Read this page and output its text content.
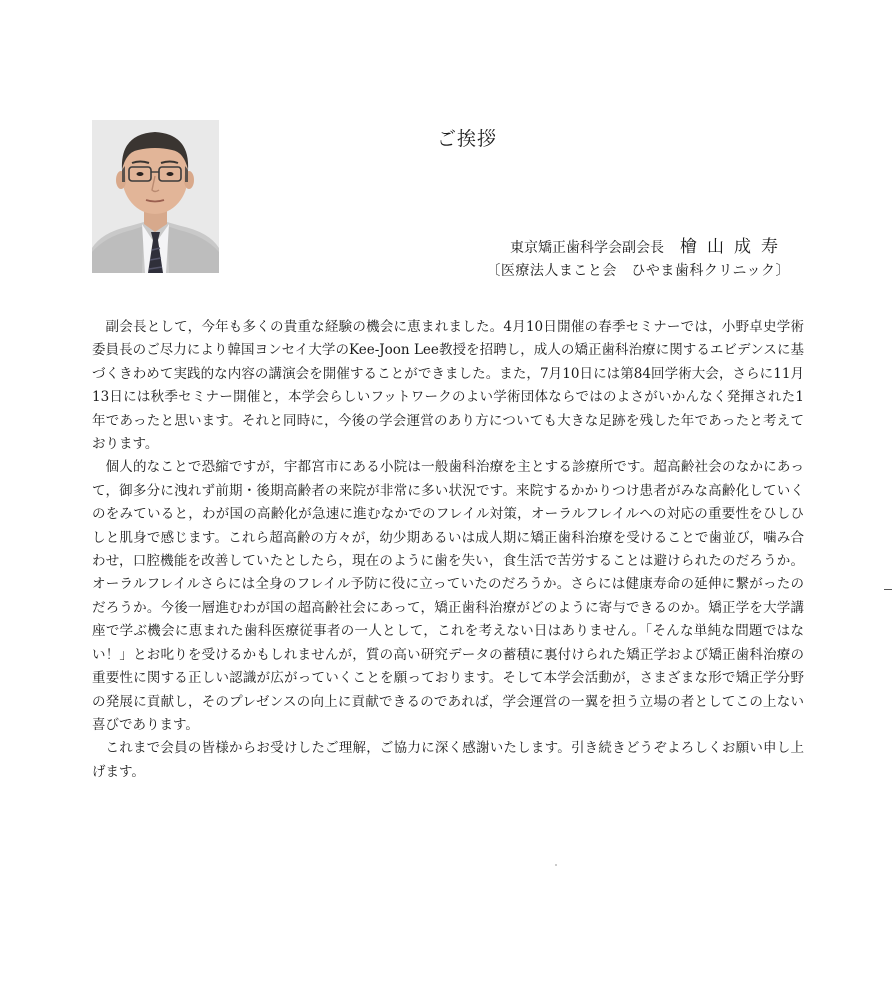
ご挨拶
東京矯正歯科学会副会長 檜山成寿
〔医療法人まこと会　ひやま歯科クリニック〕

副会長として，今年も多くの貴重な経験の機会に恵まれました。4月10日開催の春季セミナーでは，小野卓史学術委員長のご尽力により韓国ヨンセイ大学のKee-Joon Lee教授を招聘し，成人の矯正歯科治療に関するエビデンスに基づくきわめて実践的な内容の講演会を開催することができました。また，7月10日には第84回学術大会，さらに11月13日には秋季セミナー開催と，本学会らしいフットワークのよい学術団体ならではのよさがいかんなく発揮された1年であったと思います。それと同時に，今後の学会運営のあり方についても大きな足跡を残した年であったと考えております。

個人的なことで恐縮ですが，宇都宮市にある小院は一般歯科治療を主とする診療所です。超高齢社会のなかにあって，御多分に洩れず前期・後期高齢者の来院が非常に多い状況です。来院するかかりつけ患者がみな高齢化していくのをみていると，わが国の高齢化が急速に進むなかでのフレイル対策，オーラルフレイルへの対応の重要性をひしひしと肌身で感じます。これら超高齢の方々が，幼少期あるいは成人期に矯正歯科治療を受けることで歯並び，噛み合わせ，口腔機能を改善していたとしたら，現在のように歯を失い，食生活で苦労することは避けられたのだろうか。オーラルフレイルさらには全身のフレイル予防に役に立っていたのだろうか。さらには健康寿命の延伸に繋がったのだろうか。今後一層進むわが国の超高齢社会にあって，矯正歯科治療がどのように寄与できるのか。矯正学を大学講座で学ぶ機会に恵まれた歯科医療従事者の一人として，これを考えない日はありません。「そんな単純な問題ではない！」とお叱りを受けるかもしれませんが，質の高い研究データの蓄積に裏付けられた矯正学および矯正歯科治療の重要性に関する正しい認識が広がっていくことを願っております。そして本学会活動が，さまざまな形で矯正学分野の発展に貢献し，そのプレゼンスの向上に貢献できるのであれば，学会運営の一翼を担う立場の者としてこの上ない喜びであります。

これまで会員の皆様からお受けしたご理解，ご協力に深く感謝いたします。引き続きどうぞよろしくお願い申し上げます。
